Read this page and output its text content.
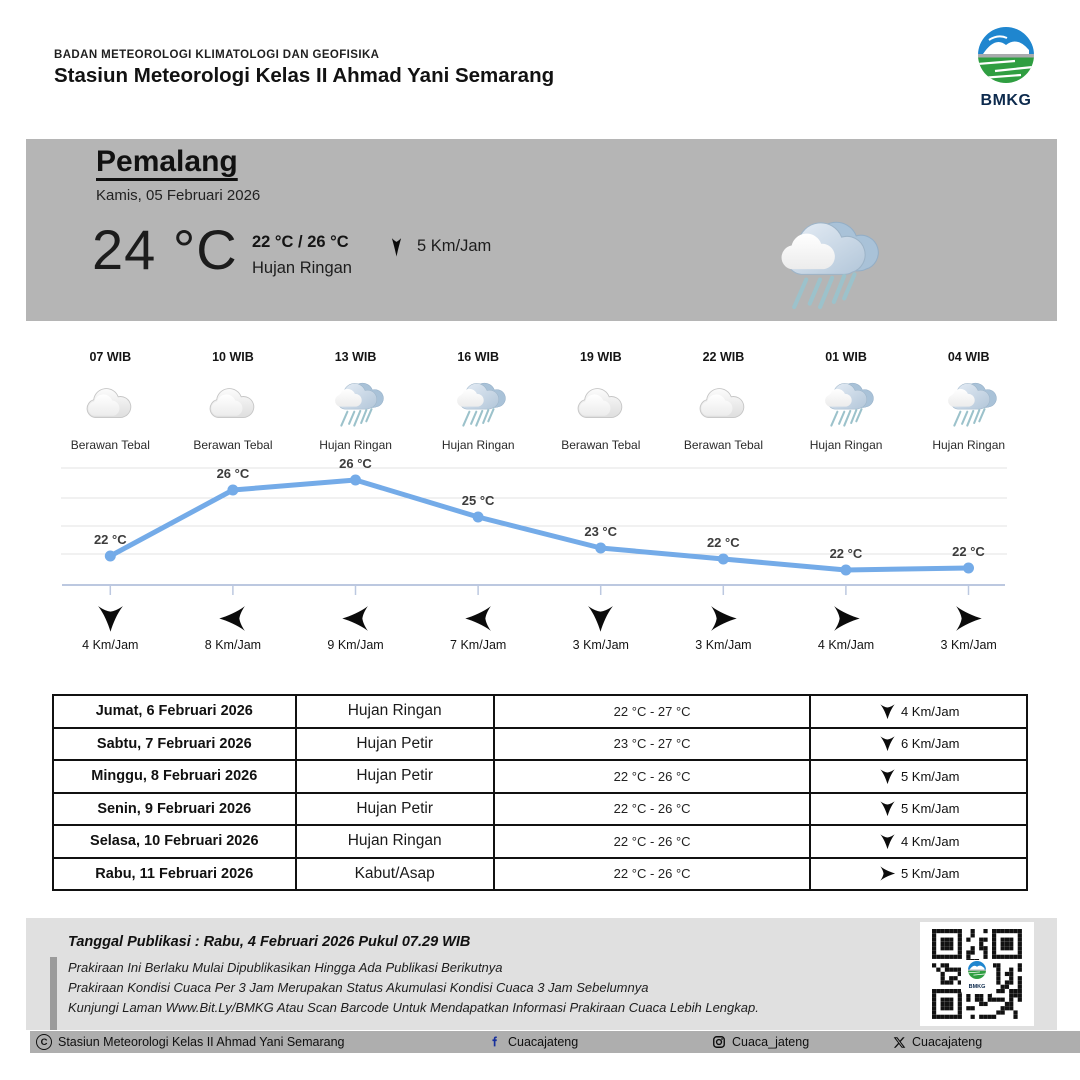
BADAN METEOROLOGI KLIMATOLOGI DAN GEOFISIKA
Stasiun Meteorologi Kelas II Ahmad Yani Semarang
BMKG
Pemalang
Kamis, 05 Februari 2026
24 °C 22 °C / 26 °C
Hujan Ringan
5 Km/Jam
07 WIB
Berawan Tebal
10 WIB
Berawan Tebal
13 WIB
Hujan Ringan
16 WIB
Hujan Ringan
19 WIB
Berawan Tebal
22 WIB
Berawan Tebal
01 WIB
Hujan Ringan
04 WIB
Hujan Ringan
22 °C
26 °C
26 °C
25 °C
23 °C
22 °C
22 °C	22 °C
4 Km/Jam	8 Km/Jam	9 Km/Jam	7 Km/Jam	3 Km/Jam	3 Km/Jam	4 Km/Jam	3 Km/Jam
Jumat, 6 Februari 2026	Hujan Ringan	22 °C - 27 °C	4 Km/Jam

Sabtu, 7 Februari 2026	Hujan Petir	23 °C - 27 °C	6 Km/Jam

Minggu, 8 Februari 2026	Hujan Petir	22 °C - 26 °C	5 Km/Jam

Senin, 9 Februari 2026	Hujan Petir	22 °C - 26 °C	5 Km/Jam

Selasa, 10 Februari 2026	Hujan Ringan	22 °C - 26 °C	4 Km/Jam

Rabu, 11 Februari 2026	Kabut/Asap	22 °C - 26 °C	5 Km/Jam
Tanggal Publikasi : Rabu, 4 Februari 2026 Pukul 07.29 WIB
Prakiraan Ini Berlaku Mulai Dipublikasikan Hingga Ada Publikasi Berikutnya
Prakiraan Kondisi Cuaca Per 3 Jam Merupakan Status Akumulasi Kondisi Cuaca 3 Jam Sebelumnya
Kunjungi Laman Www.Bit.Ly/BMKG Atau Scan Barcode Untuk Mendapatkan Informasi Prakiraan Cuaca Lebih Lengkap.
BMKG
C Stasiun Meteorologi Kelas II Ahmad Yani Semarang	Cuacajateng	Cuaca_jateng	Cuacajateng
